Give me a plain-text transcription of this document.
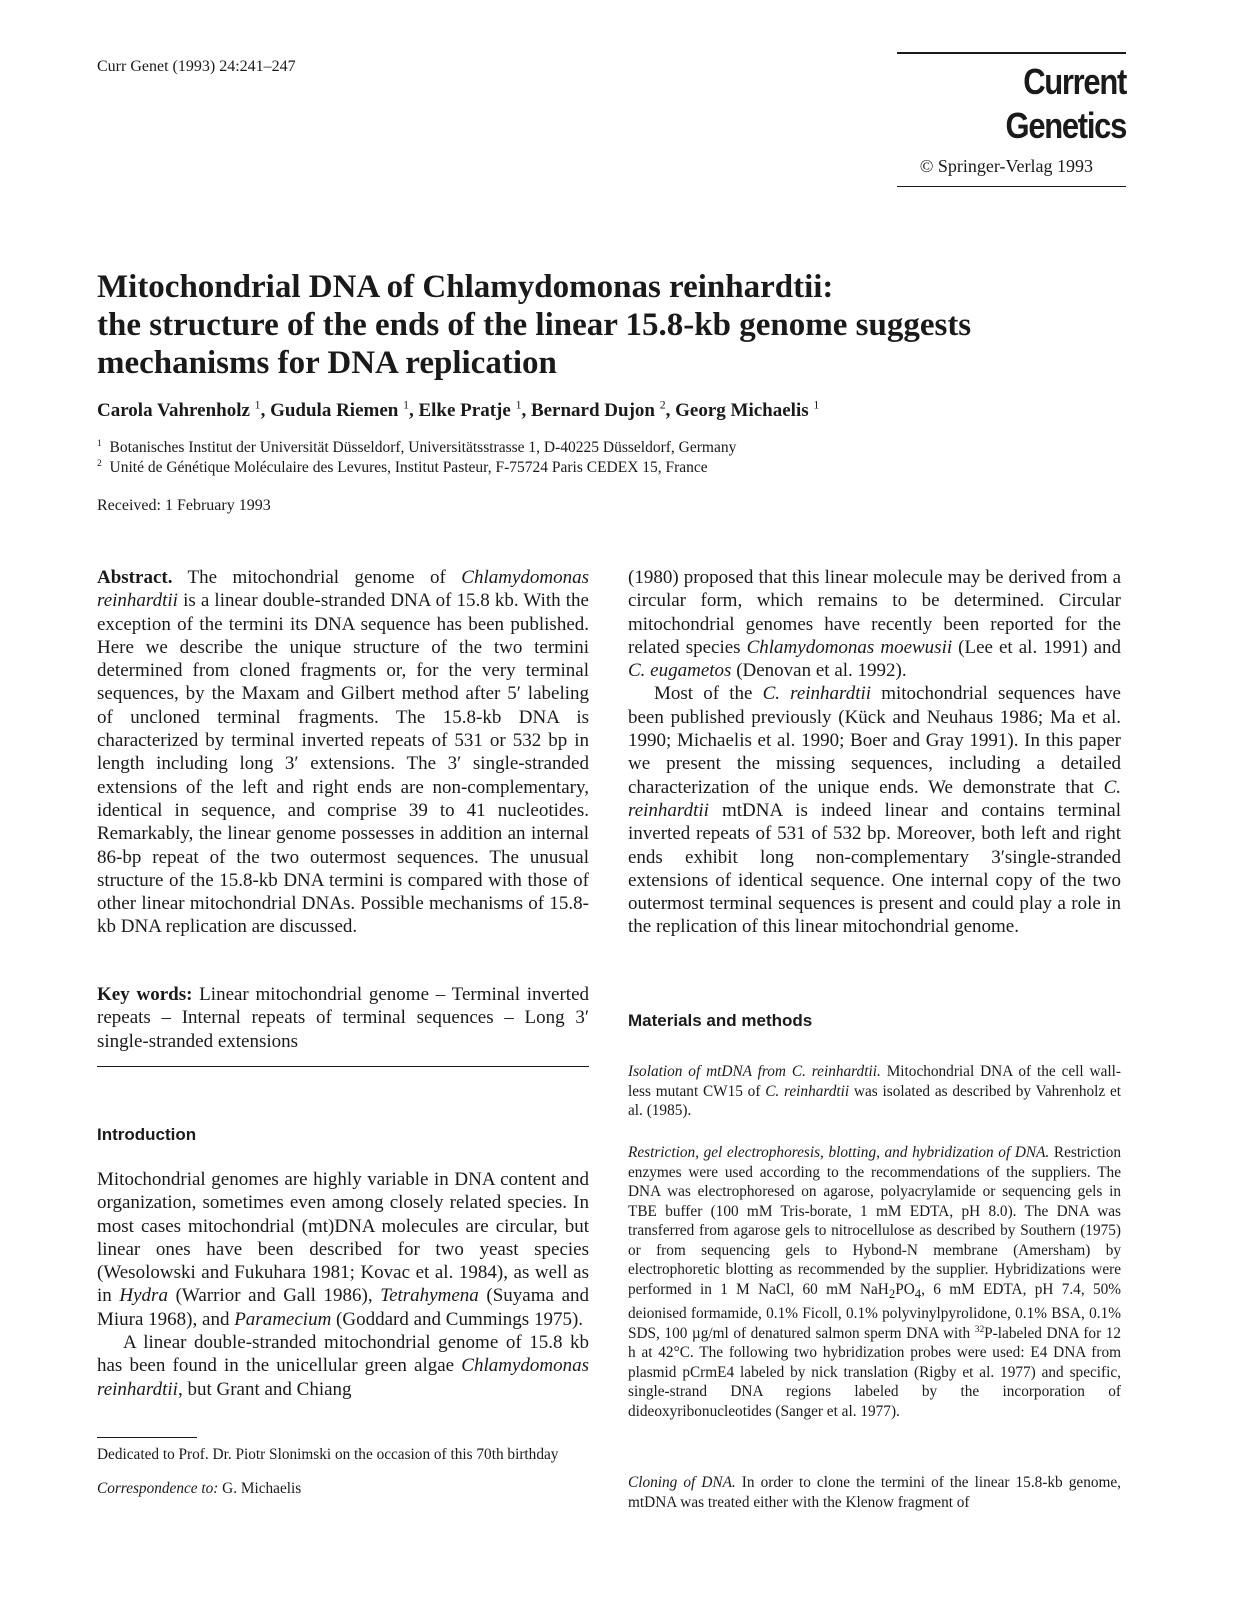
Curr Genet (1993) 24:241–247	Current Genetics
© Springer-Verlag 1993
Mitochondrial DNA of Chlamydomonas reinhardtii:
the structure of the ends of the linear 15.8-kb genome suggests
mechanisms for DNA replication
Carola Vahrenholz $^1$, Gudula Riemen $^1$, Elke Pratje $^1$, Bernard Dujon $^2$, Georg Michaelis $^1$
$^1$ Botanisches Institut der Universität Düsseldorf, Universitätsstrasse 1, D-40225 Düsseldorf, Germany
$^2$ Unité de Génétique Moléculaire des Levures, Institut Pasteur, F-75724 Paris CEDEX 15, France
Received: 1 February 1993

Abstract. The mitochondrial genome of Chlamydomonas reinhardtii is a linear double-stranded DNA of 15.8 kb. With the exception of the termini its DNA sequence has been published. Here we describe the unique structure of the two termini determined from cloned fragments or, for the very terminal sequences, by the Maxam and Gilbert method after 5′ labeling of uncloned terminal fragments. The 15.8-kb DNA is characterized by terminal inverted repeats of 531 or 532 bp in length including long 3′ extensions. The 3′ single-stranded extensions of the left and right ends are non-complementary, identical in sequence, and comprise 39 to 41 nucleotides. Remarkably, the linear genome possesses in addition an internal 86-bp repeat of the two outermost sequences. The unusual structure of the 15.8-kb DNA termini is compared with those of other linear mitochondrial DNAs. Possible mechanisms of 15.8-kb DNA replication are discussed.

Key words: Linear mitochondrial genome – Terminal inverted repeats – Internal repeats of terminal sequences – Long 3′ single-stranded extensions

Introduction

Mitochondrial genomes are highly variable in DNA content and organization, sometimes even among closely related species. In most cases mitochondrial (mt)DNA molecules are circular, but linear ones have been described for two yeast species (Wesolowski and Fukuhara 1981; Kovac et al. 1984), as well as in Hydra (Warrior and Gall 1986), Tetrahymena (Suyama and Miura 1968), and Paramecium (Goddard and Cummings 1975).

A linear double-stranded mitochondrial genome of 15.8 kb has been found in the unicellular green algae Chlamydomonas reinhardtii, but Grant and Chiang

Dedicated to Prof. Dr. Piotr Slonimski on the occasion of this 70th birthday

Correspondence to: G. Michaelis

(1980) proposed that this linear molecule may be derived from a circular form, which remains to be determined. Circular mitochondrial genomes have recently been reported for the related species Chlamydomonas moewusii (Lee et al. 1991) and C. eugametos (Denovan et al. 1992).

Most of the C. reinhardtii mitochondrial sequences have been published previously (Kück and Neuhaus 1986; Ma et al. 1990; Michaelis et al. 1990; Boer and Gray 1991). In this paper we present the missing sequences, including a detailed characterization of the unique ends. We demonstrate that C. reinhardtii mtDNA is indeed linear and contains terminal inverted repeats of 531 of 532 bp. Moreover, both left and right ends exhibit long non-complementary 3′single-stranded extensions of identical sequence. One internal copy of the two outermost terminal sequences is present and could play a role in the replication of this linear mitochondrial genome.

Materials and methods

Isolation of mtDNA from C. reinhardtii. Mitochondrial DNA of the cell wall-less mutant CW15 of C. reinhardtii was isolated as described by Vahrenholz et al. (1985).

Restriction, gel electrophoresis, blotting, and hybridization of DNA. Restriction enzymes were used according to the recommendations of the suppliers. The DNA was electrophoresed on agarose, polyacrylamide or sequencing gels in TBE buffer (100 mM Tris-borate, 1 mM EDTA, pH 8.0). The DNA was transferred from agarose gels to nitrocellulose as described by Southern (1975) or from sequencing gels to Hybond-N membrane (Amersham) by electrophoretic blotting as recommended by the supplier. Hybridizations were performed in 1 M NaCl, 60 mM $NaH_2PO_4$, 6 mM EDTA, pH 7.4, 50% deionised formamide, 0.1% Ficoll, 0.1% polyvinylpyrolidone, 0.1% BSA, 0.1% SDS, 100 µg/ml of denatured salmon sperm DNA with $^{32}$P-labeled DNA for 12 h at 42°C. The following two hybridization probes were used: E4 DNA from plasmid pCrmE4 labeled by nick translation (Rigby et al. 1977) and specific, single-strand DNA regions labeled by the incorporation of dideoxyribonucleotides (Sanger et al. 1977).

Cloning of DNA. In order to clone the termini of the linear 15.8-kb genome, mtDNA was treated either with the Klenow fragment of
